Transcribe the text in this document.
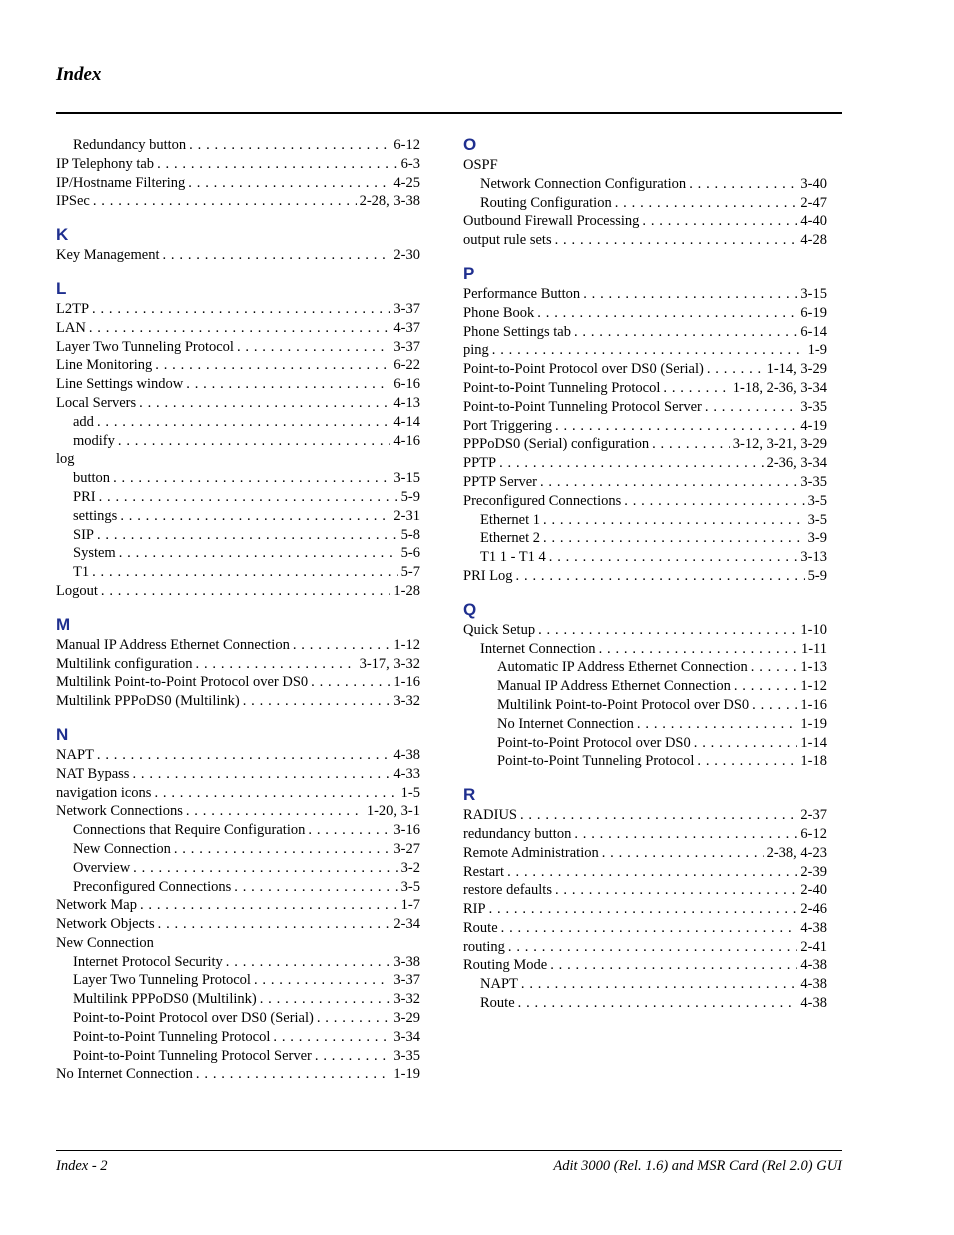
Index
Redundancy button . . .	6-12
IP Telephony tab . . .	6-3
IP/Hostname Filtering . . .	4-25
IPSec . . .	2-28, 3-38
K
Key Management . . .	2-30
L
L2TP . . .	3-37
LAN . . .	4-37
Layer Two Tunneling Protocol . . .	3-37
Line Monitoring . . .	6-22
Line Settings window . . .	6-16
Local Servers . . .	4-13
add . . .	4-14
modify . . .	4-16
log
button . . .	3-15
PRI . . .	5-9
settings . . .	2-31
SIP . . .	5-8
System . . .	5-6
T1 . . .	5-7
Logout . . .	1-28
M
Manual IP Address Ethernet Connection . . .	1-12
Multilink configuration . . .	3-17, 3-32
Multilink Point-to-Point Protocol over DS0 . . .	1-16
Multilink PPPoDS0 (Multilink) . . .	3-32
N
NAPT . . .	4-38
NAT Bypass . . .	4-33
navigation icons . . .	1-5
Network Connections . . .	1-20, 3-1
Connections that Require Configuration . . .	3-16
New Connection . . .	3-27
Overview . . .	3-2
Preconfigured Connections . . .	3-5
Network Map . . .	1-7
Network Objects . . .	2-34
New Connection
Internet Protocol Security . . .	3-38
Layer Two Tunneling Protocol . . .	3-37
Multilink PPPoDS0 (Multilink) . . .	3-32
Point-to-Point Protocol over DS0 (Serial) . . .	3-29
Point-to-Point Tunneling Protocol . . .	3-34
Point-to-Point Tunneling Protocol Server . . .	3-35
No Internet Connection . . .	1-19
O
OSPF
Network Connection Configuration . . .	3-40
Routing Configuration . . .	2-47
Outbound Firewall Processing . . .	4-40
output rule sets . . .	4-28
P
Performance Button . . .	3-15
Phone Book . . .	6-19
Phone Settings tab . . .	6-14
ping . . .	1-9
Point-to-Point Protocol over DS0 (Serial) . . .	1-14, 3-29
Point-to-Point Tunneling Protocol . . .	1-18, 2-36, 3-34
Point-to-Point Tunneling Protocol Server . . .	3-35
Port Triggering . . .	4-19
PPPoDS0 (Serial) configuration . . .	3-12, 3-21, 3-29
PPTP . . .	2-36, 3-34
PPTP Server . . .	3-35
Preconfigured Connections . . .	3-5
Ethernet 1 . . .	3-5
Ethernet 2 . . .	3-9
T1 1 - T1 4 . . .	3-13
PRI Log . . .	5-9
Q
Quick Setup . . .	1-10
Internet Connection . . .	1-11
Automatic IP Address Ethernet Connection . . .	1-13
Manual IP Address Ethernet Connection . . .	1-12
Multilink Point-to-Point Protocol over DS0 . . .	1-16
No Internet Connection . . .	1-19
Point-to-Point Protocol over DS0 . . .	1-14
Point-to-Point Tunneling Protocol . . .	1-18
R
RADIUS . . .	2-37
redundancy button . . .	6-12
Remote Administration . . .	2-38, 4-23
Restart . . .	2-39
restore defaults . . .	2-40
RIP . . .	2-46
Route . . .	4-38
routing . . .	2-41
Routing Mode . . .	4-38
NAPT . . .	4-38
Route . . .	4-38
Index - 2	Adit 3000 (Rel. 1.6) and MSR Card (Rel 2.0) GUI
